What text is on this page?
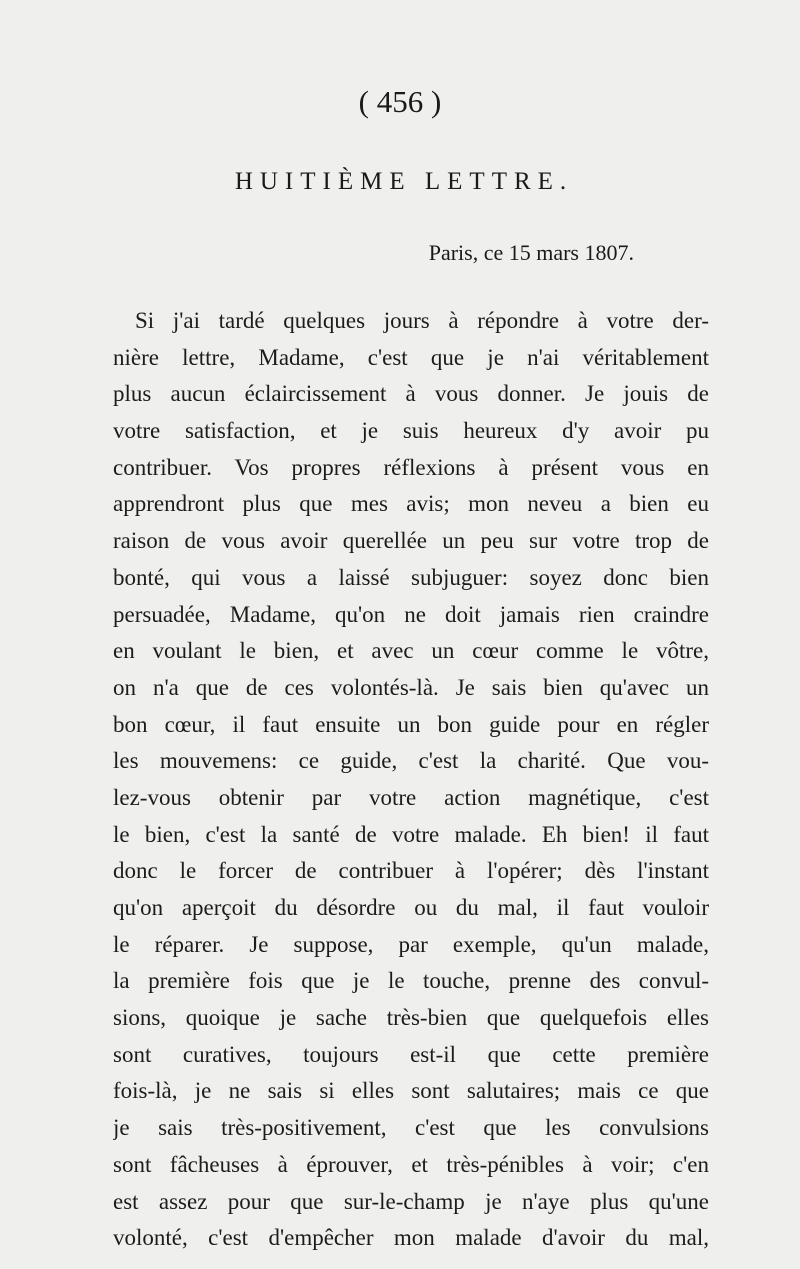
( 456 )
HUITIÈME LETTRE.
Paris, ce 15 mars 1807.
Si j'ai tardé quelques jours à répondre à votre der-
nière lettre, Madame, c'est que je n'ai véritablement
plus aucun éclaircissement à vous donner. Je jouis de
votre satisfaction, et je suis heureux d'y avoir pu
contribuer. Vos propres réflexions à présent vous en
apprendront plus que mes avis; mon neveu a bien eu
raison de vous avoir querellée un peu sur votre trop de
bonté, qui vous a laissé subjuguer: soyez donc bien
persuadée, Madame, qu'on ne doit jamais rien craindre
en voulant le bien, et avec un cœur comme le vôtre,
on n'a que de ces volontés-là. Je sais bien qu'avec un
bon cœur, il faut ensuite un bon guide pour en régler
les mouvemens: ce guide, c'est la charité. Que vou-
lez-vous obtenir par votre action magnétique, c'est
le bien, c'est la santé de votre malade. Eh bien! il faut
donc le forcer de contribuer à l'opérer; dès l'instant
qu'on aperçoit du désordre ou du mal, il faut vouloir
le réparer. Je suppose, par exemple, qu'un malade,
la première fois que je le touche, prenne des convul-
sions, quoique je sache très-bien que quelquefois elles
sont curatives, toujours est-il que cette première
fois-là, je ne sais si elles sont salutaires; mais ce que
je sais très-positivement, c'est que les convulsions
sont fâcheuses à éprouver, et très-pénibles à voir; c'en
est assez pour que sur-le-champ je n'aye plus qu'une
volonté, c'est d'empêcher mon malade d'avoir du mal,
